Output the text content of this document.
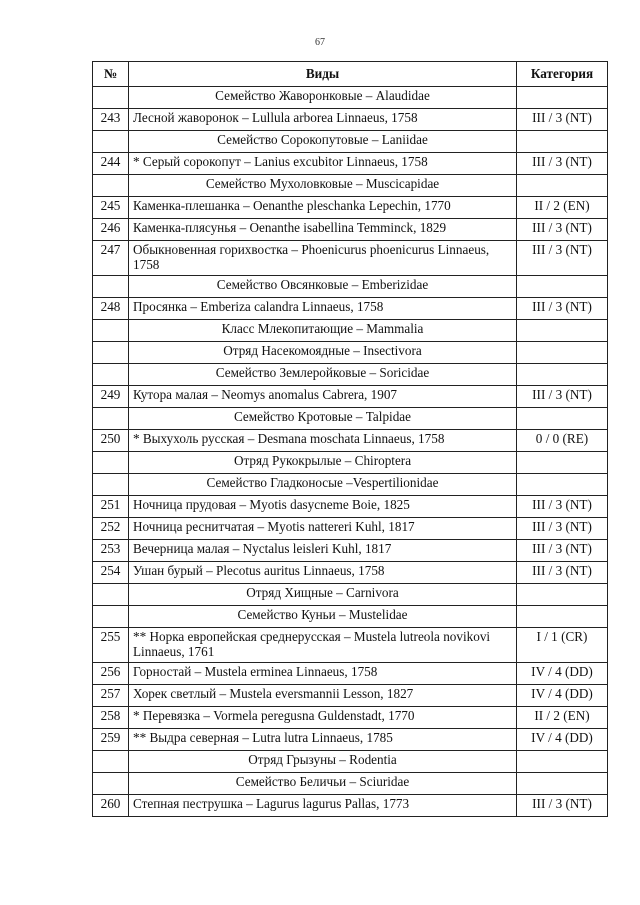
67
№	Виды	Категория
	Семейство Жаворонковые – Alaudidae	
243	Лесной жаворонок – Lullula arborea Linnaeus, 1758	III / 3 (NT)
	Семейство Сорокопутовые – Laniidae	
244	* Серый сорокопут – Lanius excubitor Linnaeus, 1758	III / 3 (NT)
	Семейство Мухоловковые – Muscicapidae	
245	Каменка-плешанка – Oenanthe pleschanka Lepechin, 1770	II / 2 (EN)
246	Каменка-плясунья – Oenanthe isabellina Temminck, 1829	III / 3 (NT)
247	Обыкновенная горихвостка – Phoenicurus phoenicurus Linnaeus, 1758	III / 3 (NT)
	Семейство Овсянковые – Emberizidae	
248	Просянка – Emberiza calandra Linnaeus, 1758	III / 3 (NT)
	Класс Млекопитающие – Mammalia	
	Отряд Насекомоядные – Insectivora	
	Семейство Землеройковые – Soricidae	
249	Кутора малая – Neomys anomalus Cabrera, 1907	III / 3 (NT)
	Семейство Кротовые – Talpidae	
250	* Выхухоль русская – Desmana moschata Linnaeus, 1758	0 / 0 (RE)
	Отряд Рукокрылые – Chiroptera	
	Семейство Гладконосые –Vespertilionidae	
251	Ночница прудовая – Myotis dasycneme Boie, 1825	III / 3 (NT)
252	Ночница реснитчатая – Myotis nattereri Kuhl, 1817	III / 3 (NT)
253	Вечерница малая – Nyctalus leisleri Kuhl, 1817	III / 3 (NT)
254	Ушан бурый – Plecotus auritus Linnaeus, 1758	III / 3 (NT)
	Отряд Хищные – Carnivora	
	Семейство Куньи – Mustelidae	
255	** Норка европейская среднерусская – Mustela lutreola novikovi Linnaeus, 1761	I / 1 (CR)
256	Горностай – Mustela erminea Linnaeus, 1758	IV / 4 (DD)
257	Хорек светлый – Mustela eversmannii Lesson, 1827	IV / 4 (DD)
258	* Перевязка – Vormela peregusna Guldenstadt, 1770	II / 2 (EN)
259	** Выдра северная – Lutra lutra Linnaeus, 1785	IV / 4 (DD)
	Отряд Грызуны – Rodentia	
	Семейство Беличьи – Sciuridae	
260	Степная пеструшка – Lagurus lagurus Pallas, 1773	III / 3 (NT)
